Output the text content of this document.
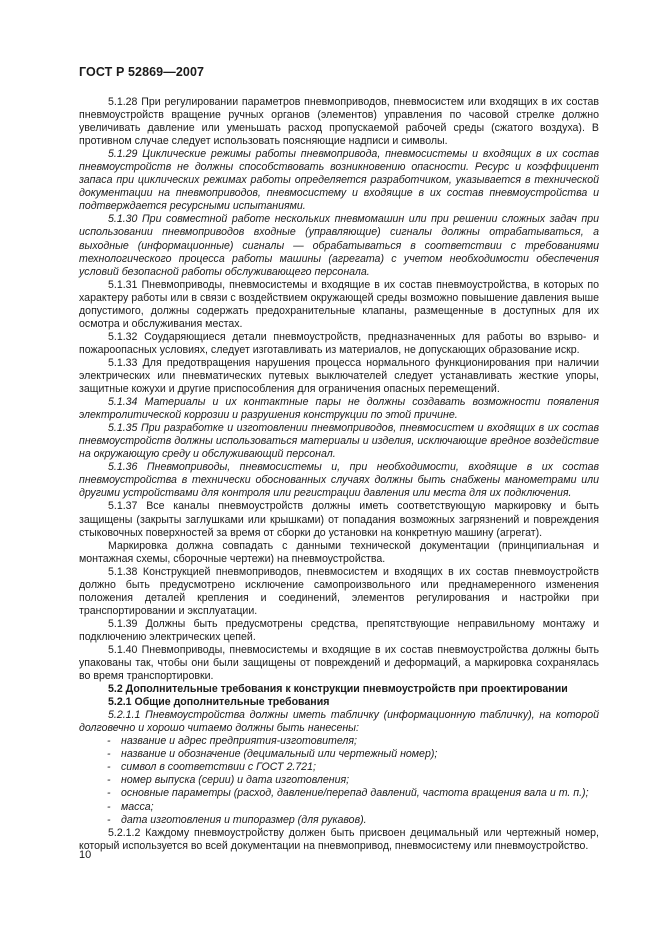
ГОСТ Р 52869—2007

5.1.28 При регулировании параметров пневмоприводов, пневмосистем или входящих в их состав пневмоустройств вращение ручных органов (элементов) управления по часовой стрелке должно увеличивать давление или уменьшать расход пропускаемой рабочей среды (сжатого воздуха). В противном случае следует использовать поясняющие надписи и символы.

5.1.29 Циклические режимы работы пневмопривода, пневмосистемы и входящих в их состав пневмоустройств не должны способствовать возникновению опасности. Ресурс и коэффициент запаса при циклических режимах работы определяется разработчиком, указывается в технической документации на пневмоприводов, пневмосистему и входящие в их состав пневмоустройства и подтверждается ресурсными испытаниями.

5.1.30 При совместной работе нескольких пневмомашин или при решении сложных задач при использовании пневмоприводов входные (управляющие) сигналы должны отрабатываться, а выходные (информационные) сигналы — обрабатываться в соответствии с требованиями технологического процесса работы машины (агрегата) с учетом необходимости обеспечения условий безопасной работы обслуживающего персонала.

5.1.31 Пневмоприводы, пневмосистемы и входящие в их состав пневмоустройства, в которых по характеру работы или в связи с воздействием окружающей среды возможно повышение давления выше допустимого, должны содержать предохранительные клапаны, размещенные в доступных для их осмотра и обслуживания местах.

5.1.32 Соударяющиеся детали пневмоустройств, предназначенных для работы во взрыво- и пожароопасных условиях, следует изготавливать из материалов, не допускающих образование искр.

5.1.33 Для предотвращения нарушения процесса нормального функционирования при наличии электрических или пневматических путевых выключателей следует устанавливать жесткие упоры, защитные кожухи и другие приспособления для ограничения опасных перемещений.

5.1.34 Материалы и их контактные пары не должны создавать возможности появления электролитической коррозии и разрушения конструкции по этой причине.

5.1.35 При разработке и изготовлении пневмоприводов, пневмосистем и входящих в их состав пневмоустройств должны использоваться материалы и изделия, исключающие вредное воздействие на окружающую среду и обслуживающий персонал.

5.1.36 Пневмоприводы, пневмосистемы и, при необходимости, входящие в их состав пневмоустройства в технически обоснованных случаях должны быть снабжены манометрами или другими устройствами для контроля или регистрации давления или места для их подключения.

5.1.37 Все каналы пневмоустройств должны иметь соответствующую маркировку и быть защищены (закрыты заглушками или крышками) от попадания возможных загрязнений и повреждения стыковочных поверхностей за время от сборки до установки на конкретную машину (агрегат).

Маркировка должна совпадать с данными технической документации (принципиальная и монтажная схемы, сборочные чертежи) на пневмоустройства.

5.1.38 Конструкцией пневмоприводов, пневмосистем и входящих в их состав пневмоустройств должно быть предусмотрено исключение самопроизвольного или преднамеренного изменения положения деталей крепления и соединений, элементов регулирования и настройки при транспортировании и эксплуатации.

5.1.39 Должны быть предусмотрены средства, препятствующие неправильному монтажу и подключению электрических цепей.

5.1.40 Пневмоприводы, пневмосистемы и входящие в их состав пневмоустройства должны быть упакованы так, чтобы они были защищены от повреждений и деформаций, а маркировка сохранялась во время транспортировки.

5.2 Дополнительные требования к конструкции пневмоустройств при проектировании

5.2.1 Общие дополнительные требования

5.2.1.1 Пневмоустройства должны иметь табличку (информационную табличку), на которой долговечно и хорошо читаемо должны быть нанесены:

- название и адрес предприятия-изготовителя;
- название и обозначение (децимальный или чертежный номер);
- символ в соответствии с ГОСТ 2.721;
- номер выпуска (серии) и дата изготовления;
- основные параметры (расход, давление/перепад давлений, частота вращения вала и т. п.);
- масса;
- дата изготовления и типоразмер (для рукавов).

5.2.1.2 Каждому пневмоустройству должен быть присвоен децимальный или чертежный номер, который используется во всей документации на пневмопривод, пневмосистему или пневмоустройство.

10
